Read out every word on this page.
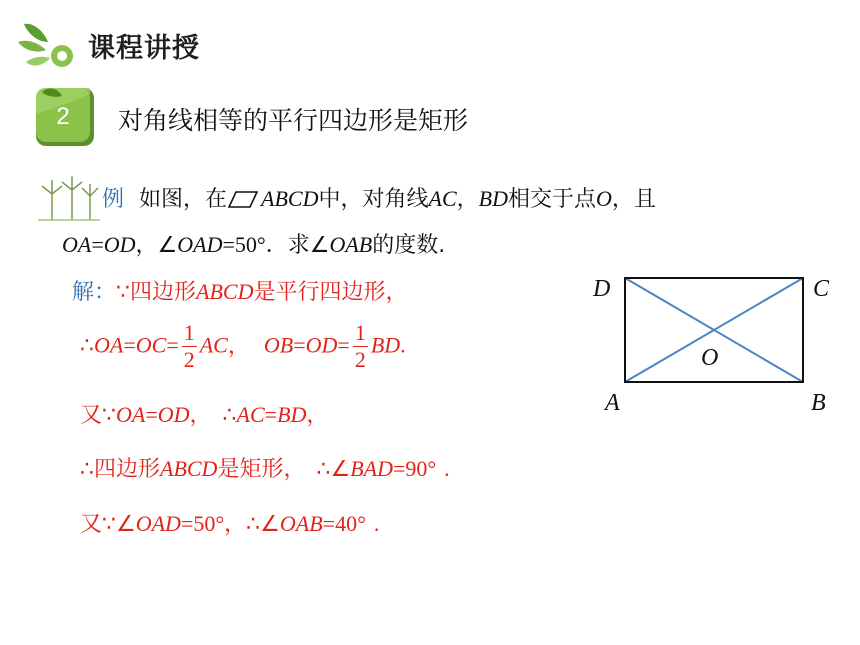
课程讲授
2 对角线相等的平行四边形是矩形
例 如图，在 ABCD中，对角线AC，BD相交于点O，且
OA=OD，∠OAD=50°．求∠OAB的度数.
解：∵四边形ABCD是平行四边形，
∴OA=OC= $\frac{1}{2}$ AC， $OB=OD= \frac{1}{2}$ BD.
又∵OA=OD，　∴AC=BD，
∴四边形ABCD是矩形，　∴∠BAD=90° .
又∵∠OAD=50°，∴∠OAB=40° .
D	C
A	B
O
